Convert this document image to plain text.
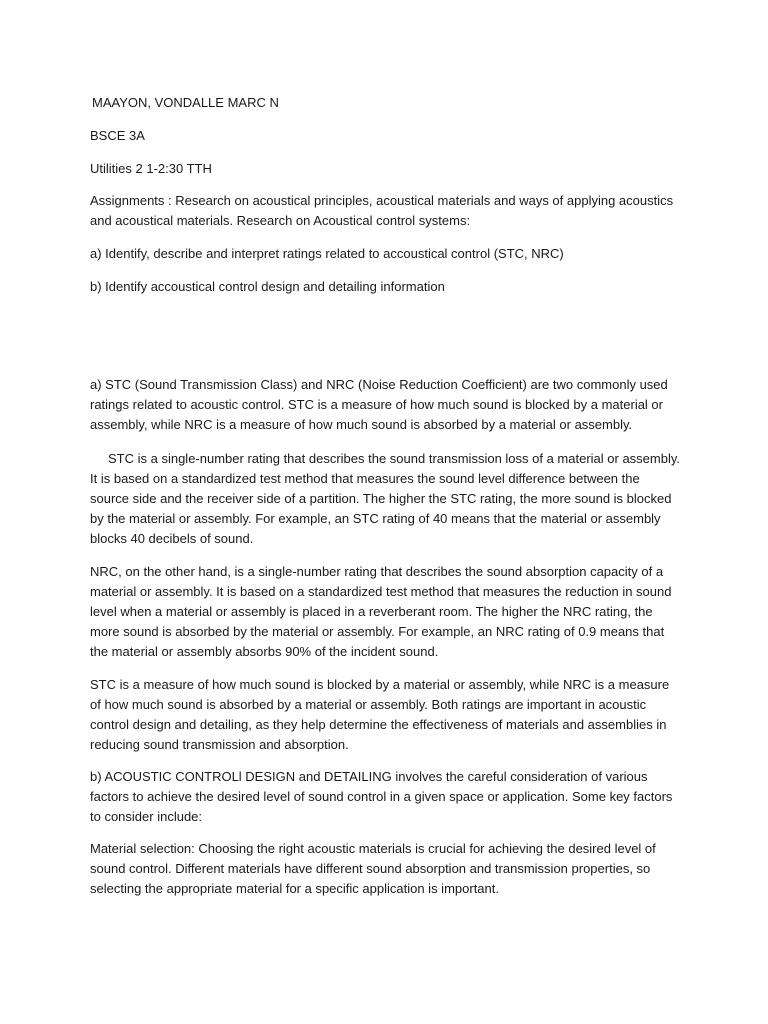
MAAYON, VONDALLE MARC N

BSCE 3A

Utilities 2 1-2:30 TTH

Assignments : Research on acoustical principles, acoustical materials and ways of applying acoustics and acoustical materials. Research on Acoustical control systems:

a) Identify, describe and interpret ratings related to accoustical control (STC, NRC)

b) Identify accoustical control design and detailing information

a) STC (Sound Transmission Class) and NRC (Noise Reduction Coefficient) are two commonly used ratings related to acoustic control. STC is a measure of how much sound is blocked by a material or assembly, while NRC is a measure of how much sound is absorbed by a material or assembly.

STC is a single-number rating that describes the sound transmission loss of a material or assembly. It is based on a standardized test method that measures the sound level difference between the source side and the receiver side of a partition. The higher the STC rating, the more sound is blocked by the material or assembly. For example, an STC rating of 40 means that the material or assembly blocks 40 decibels of sound.

NRC, on the other hand, is a single-number rating that describes the sound absorption capacity of a material or assembly. It is based on a standardized test method that measures the reduction in sound level when a material or assembly is placed in a reverberant room. The higher the NRC rating, the more sound is absorbed by the material or assembly. For example, an NRC rating of 0.9 means that the material or assembly absorbs 90% of the incident sound.

STC is a measure of how much sound is blocked by a material or assembly, while NRC is a measure of how much sound is absorbed by a material or assembly. Both ratings are important in acoustic control design and detailing, as they help determine the effectiveness of materials and assemblies in reducing sound transmission and absorption.

b) ACOUSTIC CONTROLl DESIGN and DETAILING involves the careful consideration of various factors to achieve the desired level of sound control in a given space or application. Some key factors to consider include:

Material selection: Choosing the right acoustic materials is crucial for achieving the desired level of sound control. Different materials have different sound absorption and transmission properties, so selecting the appropriate material for a specific application is important.
